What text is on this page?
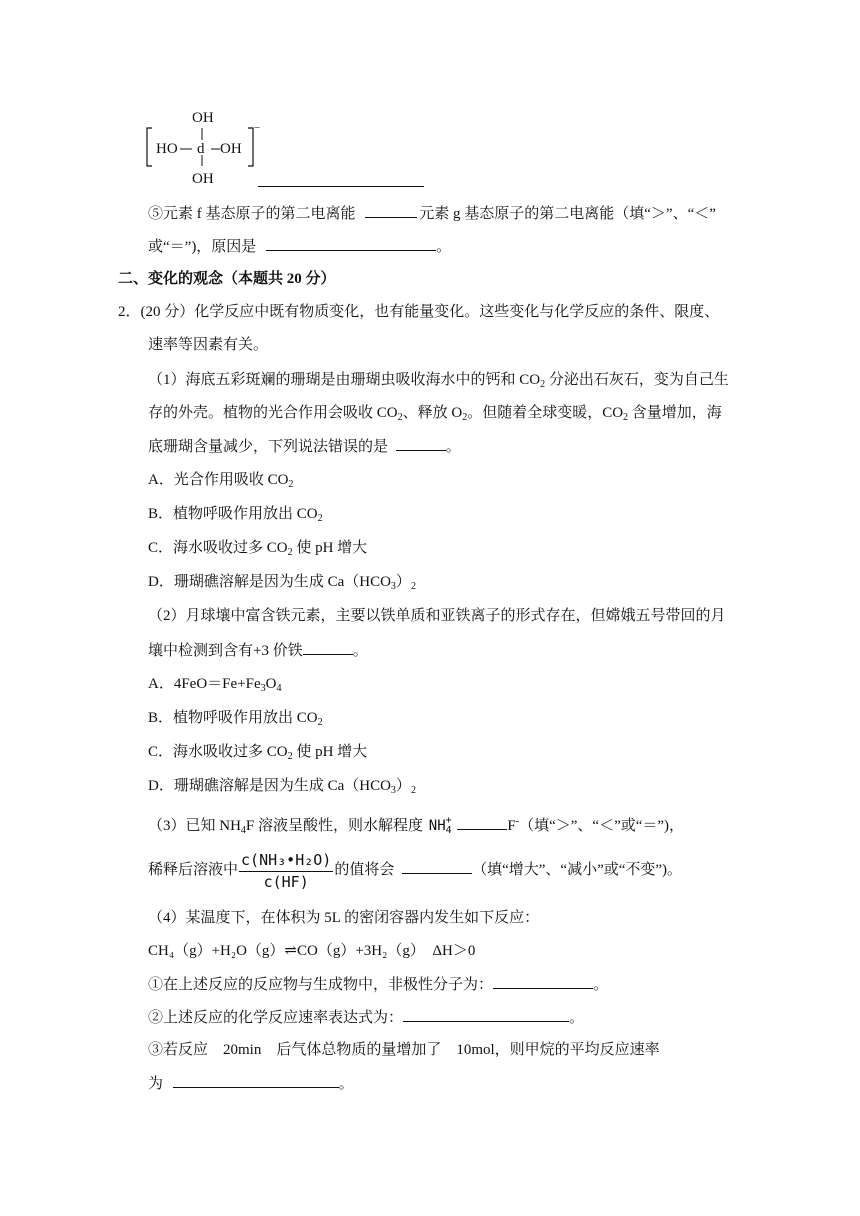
OH
HO d OH
OH
−
⑤元素 f 基态原子的第二电离能	元素 g 基态原子的第二电离能（填“＞”、“＜”
或“＝”)，原因是	。
二、变化的观念（本题共 20 分）
2．(20 分）化学反应中既有物质变化，也有能量变化。这些变化与化学反应的条件、限度、
速率等因素有关。
（1）海底五彩斑斓的珊瑚是由珊瑚虫吸收海水中的钙和 $CO_2$ 分泌出石灰石，变为自己生
存的外壳。植物的光合作用会吸收 $CO_2$、释放 $O_2$。但随着全球变暖，$CO_2$ 含量增加，海
底珊瑚含量减少，下列说法错误的是	。
A．光合作用吸收 $CO_2$
B．植物呼吸作用放出 $CO_2$
C．海水吸收过多 $CO_2$ 使 pH 增大
D．珊瑚礁溶解是因为生成 $Ca(HCO_3)_2$
（2）月球壤中富含铁元素，主要以铁单质和亚铁离子的形式存在，但嫦娥五号带回的月
壤中检测到含有+3 价铁	。
A．$4FeO=Fe+Fe_3O_4$
B．植物呼吸作用放出 $CO_2$
C．海水吸收过多 $CO_2$ 使 pH 增大
D．珊瑚礁溶解是因为生成 $Ca(HCO_3)_2$
（3）已知 $NH_4F$ 溶液呈酸性，则水解程度 NH +
4	F-（填“＞”、“＜”或“＝”)，
稀释后溶液中 $\frac{\text{c(NH₃•H₂O)}}{c(HF)}$ 的值将会	（填“增大”、“减小”或“不变”)。
（4）某温度下，在体积为 5L 的密闭容器内发生如下反应：
CH₄（g）+H₂O（g）⇌CO（g）+3H₂（g）　ΔH＞0
①在上述反应的反应物与生成物中，非极性分子为：	。
②上述反应的化学反应速率表达式为：	。
③若反应　20min　后气体总物质的量增加了　10mol，则甲烷的平均反应速率
为	。
